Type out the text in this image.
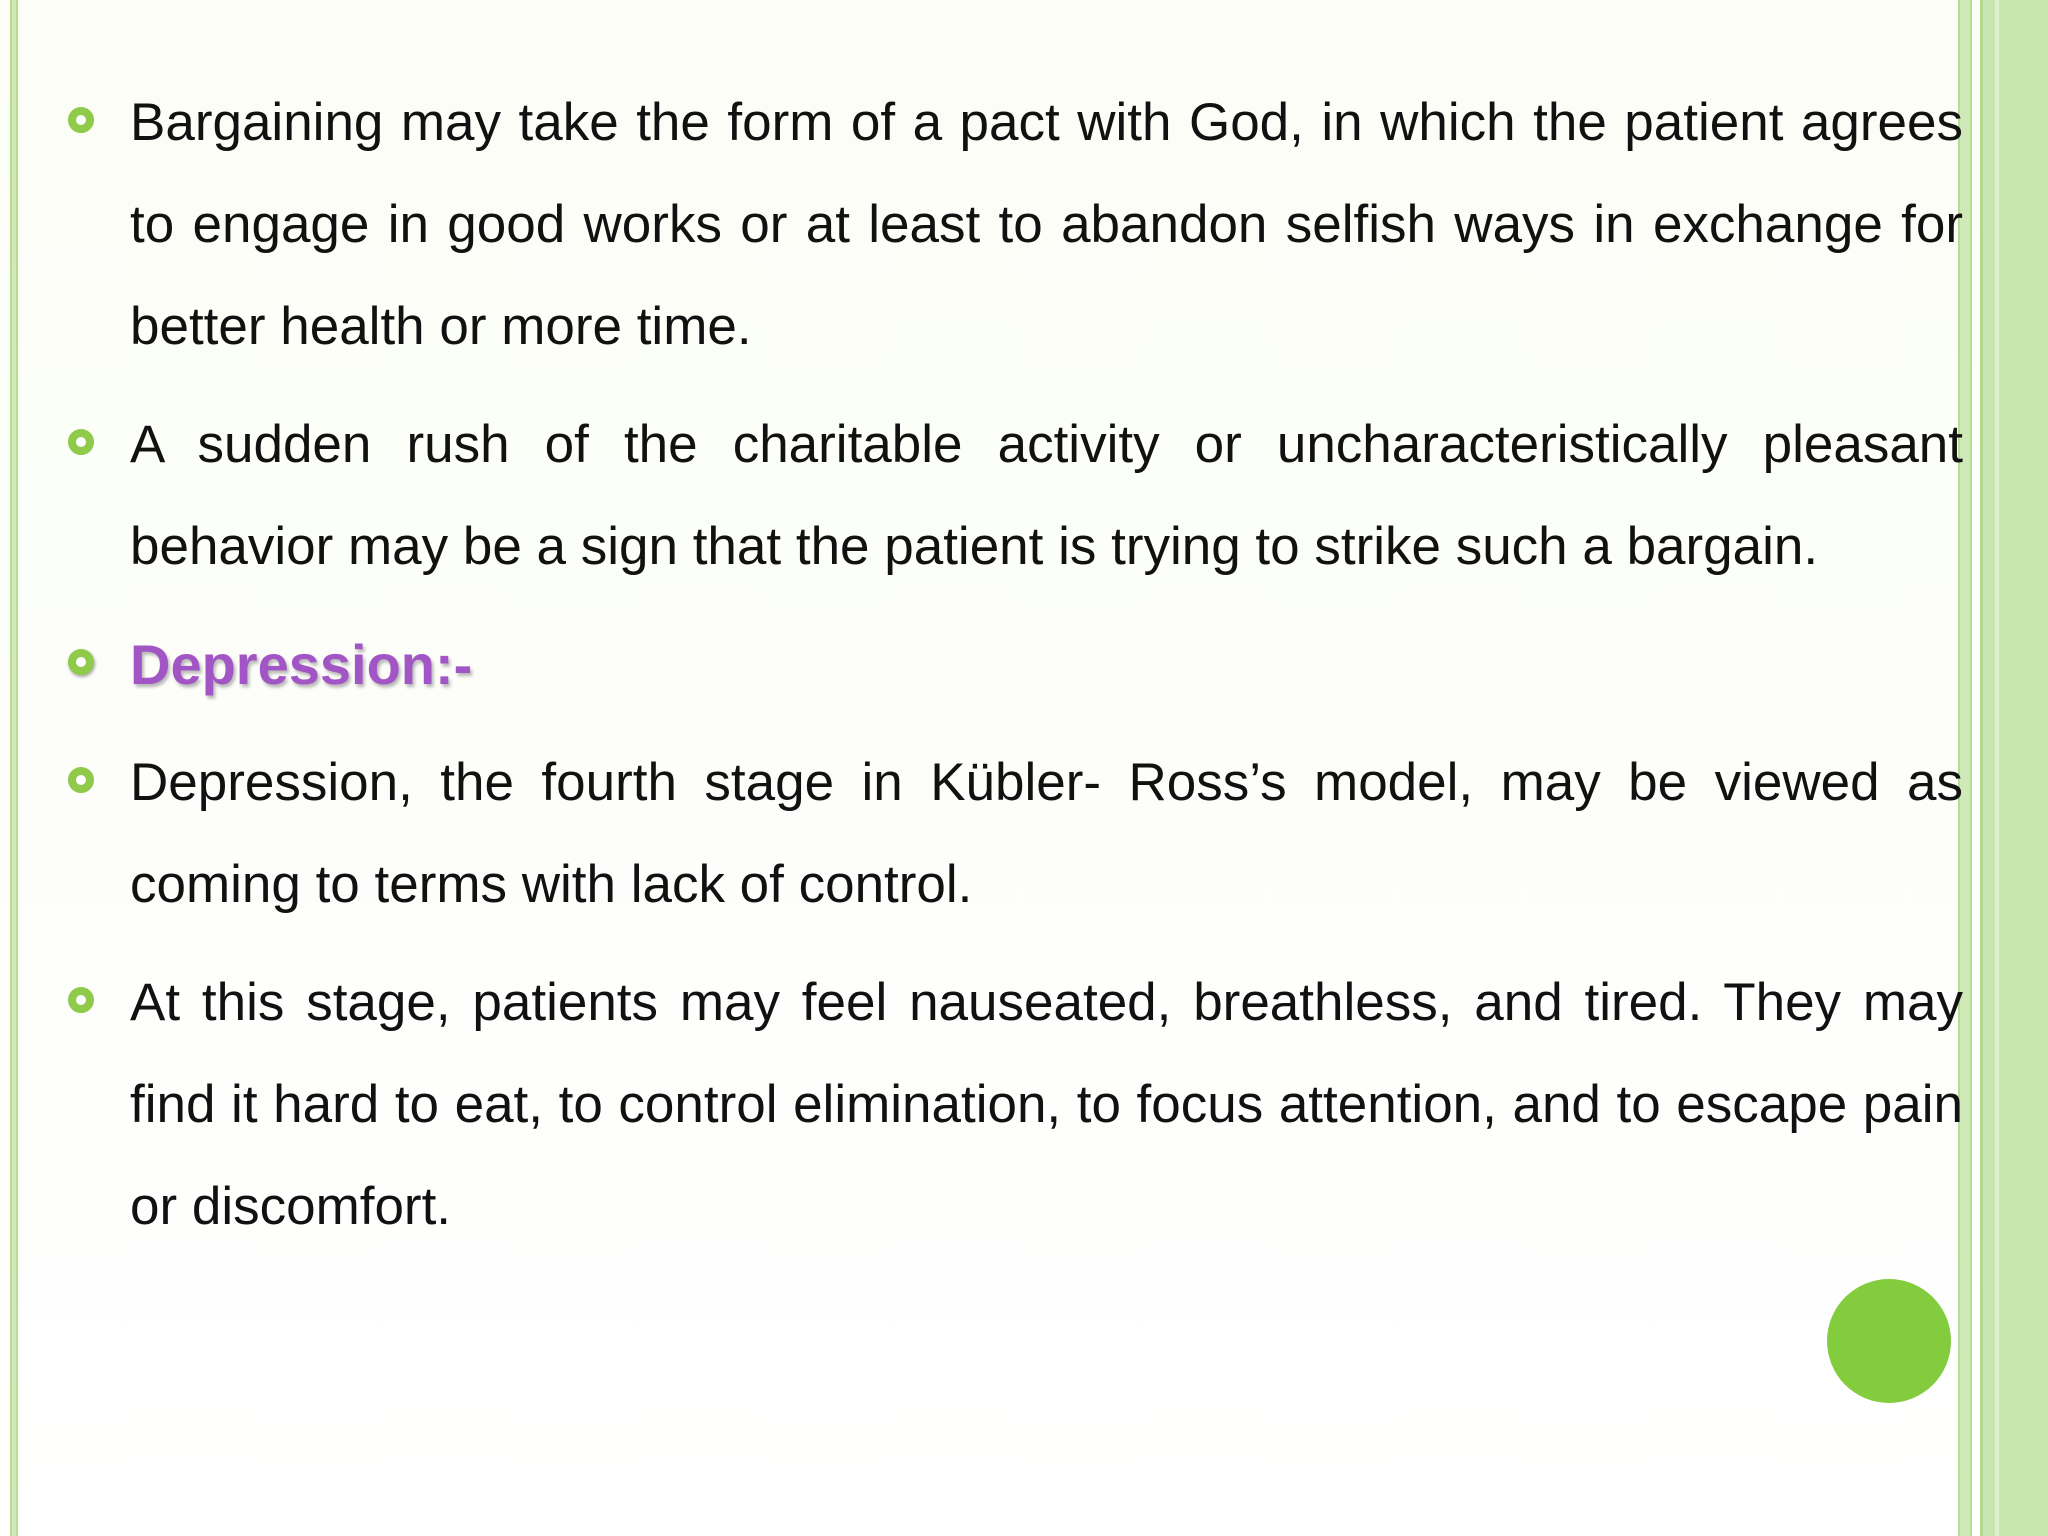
Bargaining may take the form of a pact with God, in which the patient agrees to engage in good works or at least to abandon selfish ways in exchange for better health or more time.
A sudden rush of the charitable activity or uncharacteristically pleasant behavior may be a sign that the patient is trying to strike such a bargain.
Depression:-
Depression, the fourth stage in Kübler- Ross’s model, may be viewed as coming to terms with lack of control.
At this stage, patients may feel nauseated, breathless, and tired. They may find it hard to eat, to control elimination, to focus attention, and to escape pain or discomfort.
